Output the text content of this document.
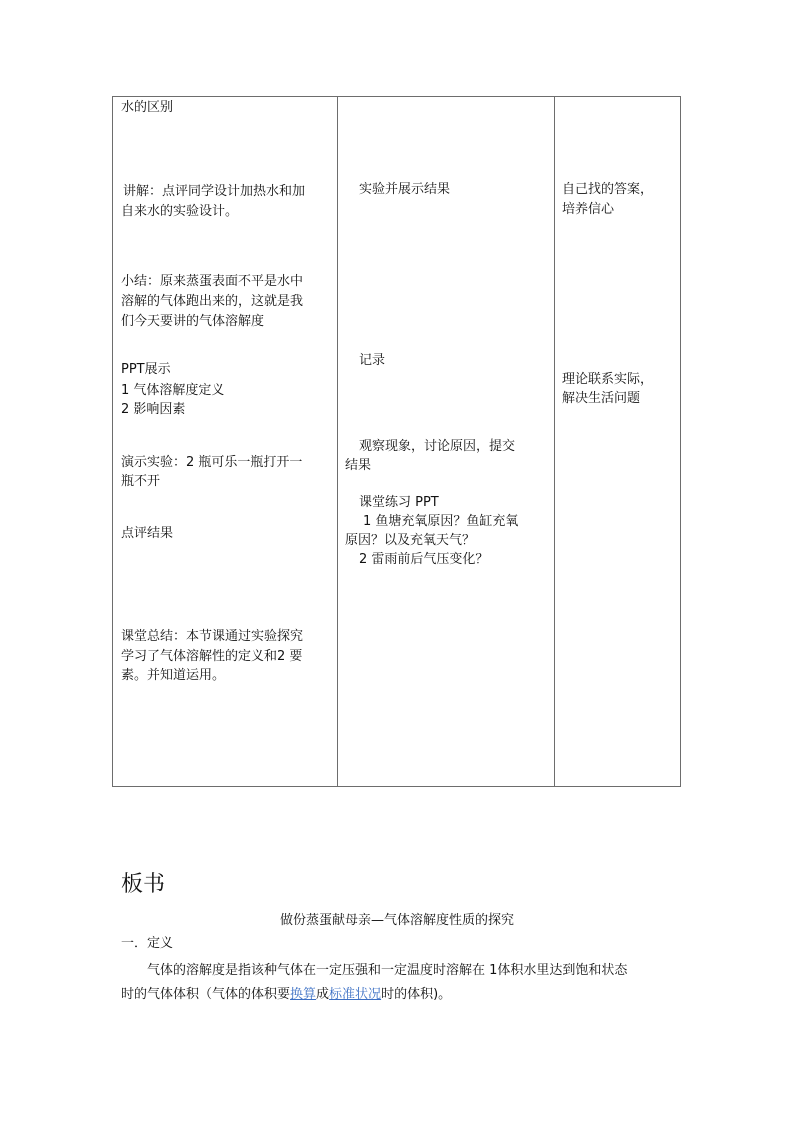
水的区别
讲解：点评同学设计加热水和加
自来水的实验设计。
小结：原来蒸蛋表面不平是水中
溶解的气体跑出来的，这就是我
们今天要讲的气体溶解度
PPT展示
1 气体溶解度定义
2 影响因素
演示实验：2 瓶可乐一瓶打开一
瓶不开
点评结果
课堂总结：本节课通过实验探究
学习了气体溶解性的定义和2 要
素。并知道运用。
实验并展示结果
记录
观察现象，讨论原因，提交
结果
课堂练习 PPT
1 鱼塘充氧原因？鱼缸充氧
原因？以及充氧天气？
2 雷雨前后气压变化？
自己找的答案，
培养信心
理论联系实际，
解决生活问题
板书
做份蒸蛋献母亲—气体溶解度性质的探究
一．定义
气体的溶解度是指该种气体在一定压强和一定温度时溶解在 1体积水里达到饱和状态
时的气体体积（气体的体积要换算成标准状况时的体积)。
